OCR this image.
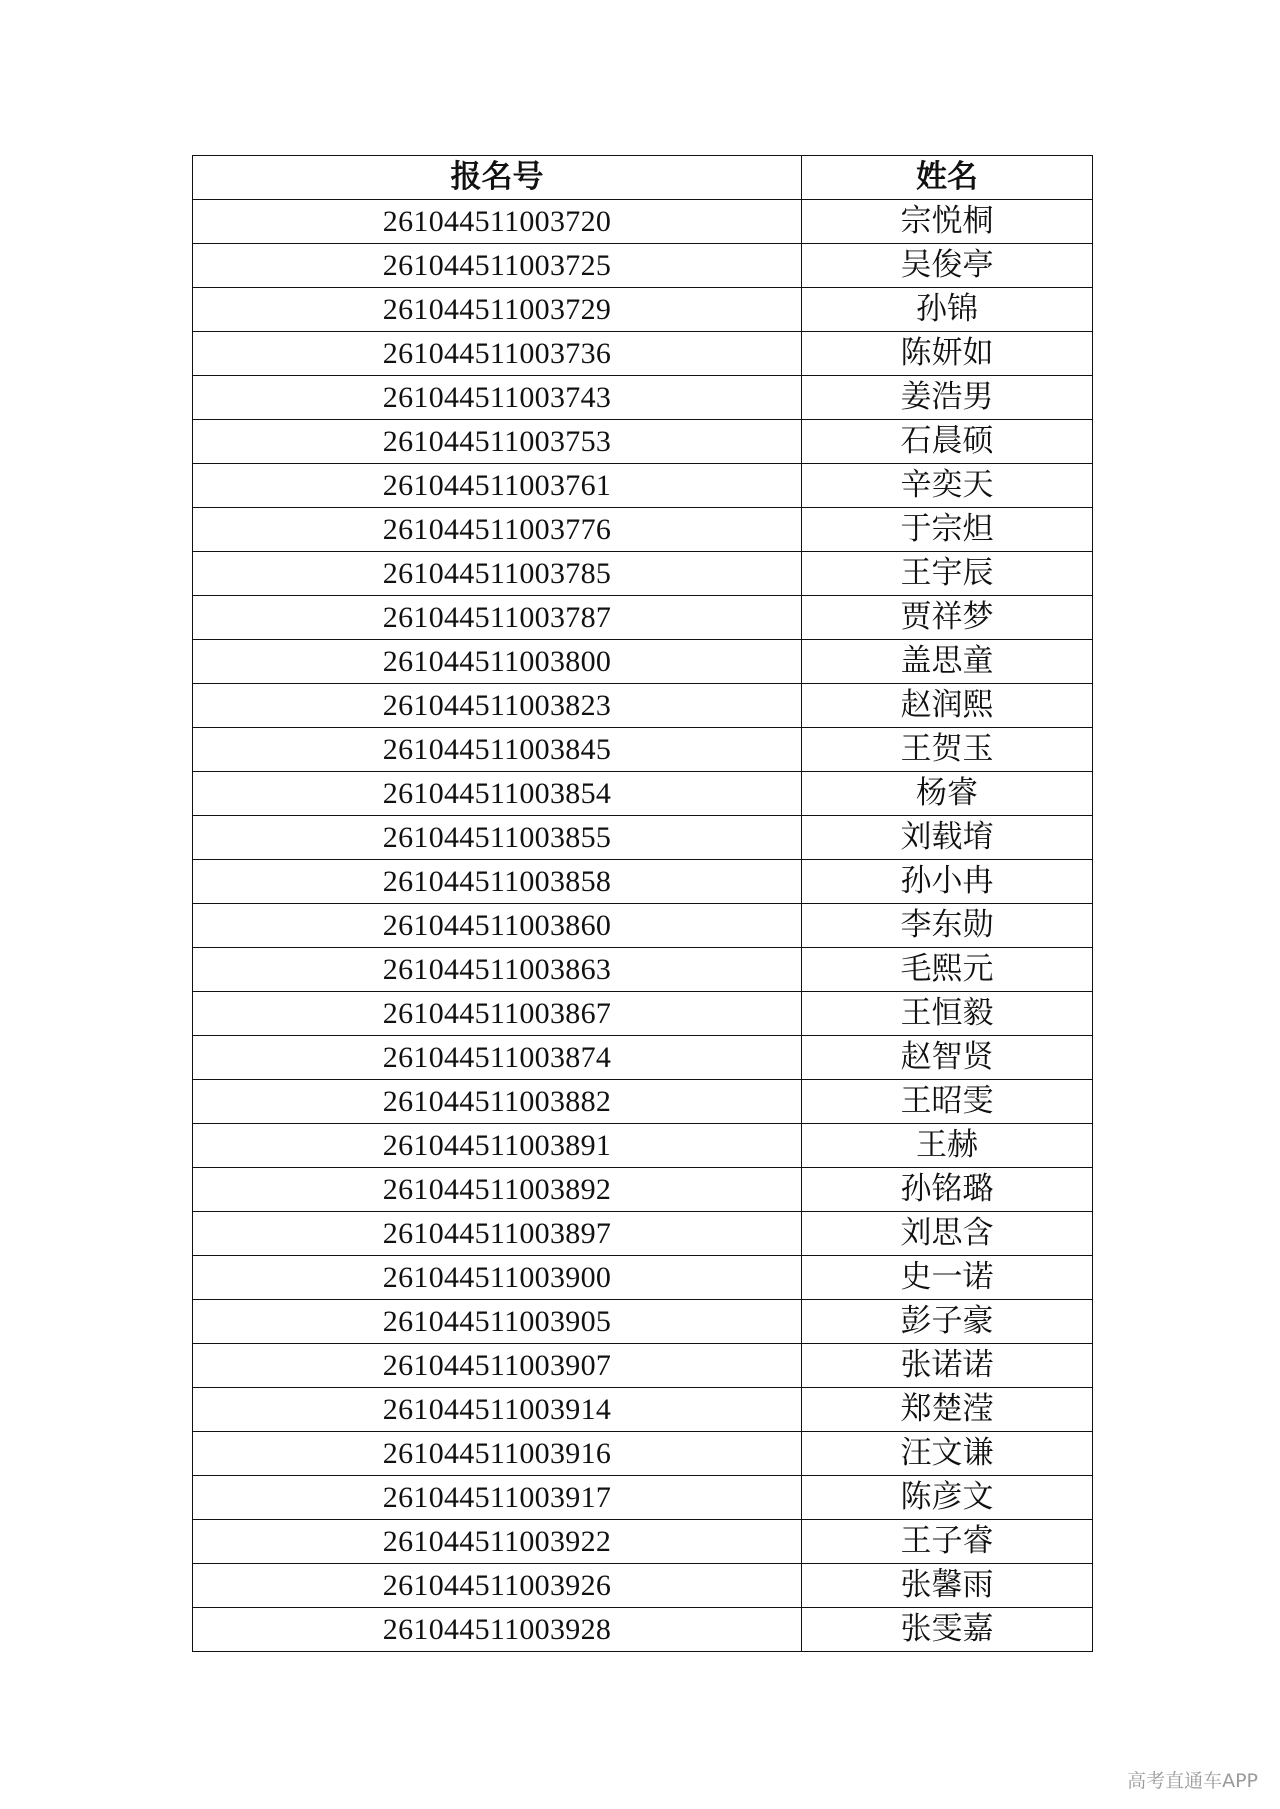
报名号	姓名
261044511003720	宗悦桐
261044511003725	吴俊亭
261044511003729	孙锦
261044511003736	陈妍如
261044511003743	姜浩男
261044511003753	石晨硕
261044511003761	辛奕天
261044511003776	于宗炟
261044511003785	王宇辰
261044511003787	贾祥梦
261044511003800	盖思童
261044511003823	赵润熙
261044511003845	王贺玉
261044511003854	杨睿
261044511003855	刘载堉
261044511003858	孙小冉
261044511003860	李东勋
261044511003863	毛熙元
261044511003867	王恒毅
261044511003874	赵智贤
261044511003882	王昭雯
261044511003891	王赫
261044511003892	孙铭璐
261044511003897	刘思含
261044511003900	史一诺
261044511003905	彭子豪
261044511003907	张诺诺
261044511003914	郑楚滢
261044511003916	汪文谦
261044511003917	陈彦文
261044511003922	王子睿
261044511003926	张馨雨
261044511003928	张雯嘉
高考直通车APP
